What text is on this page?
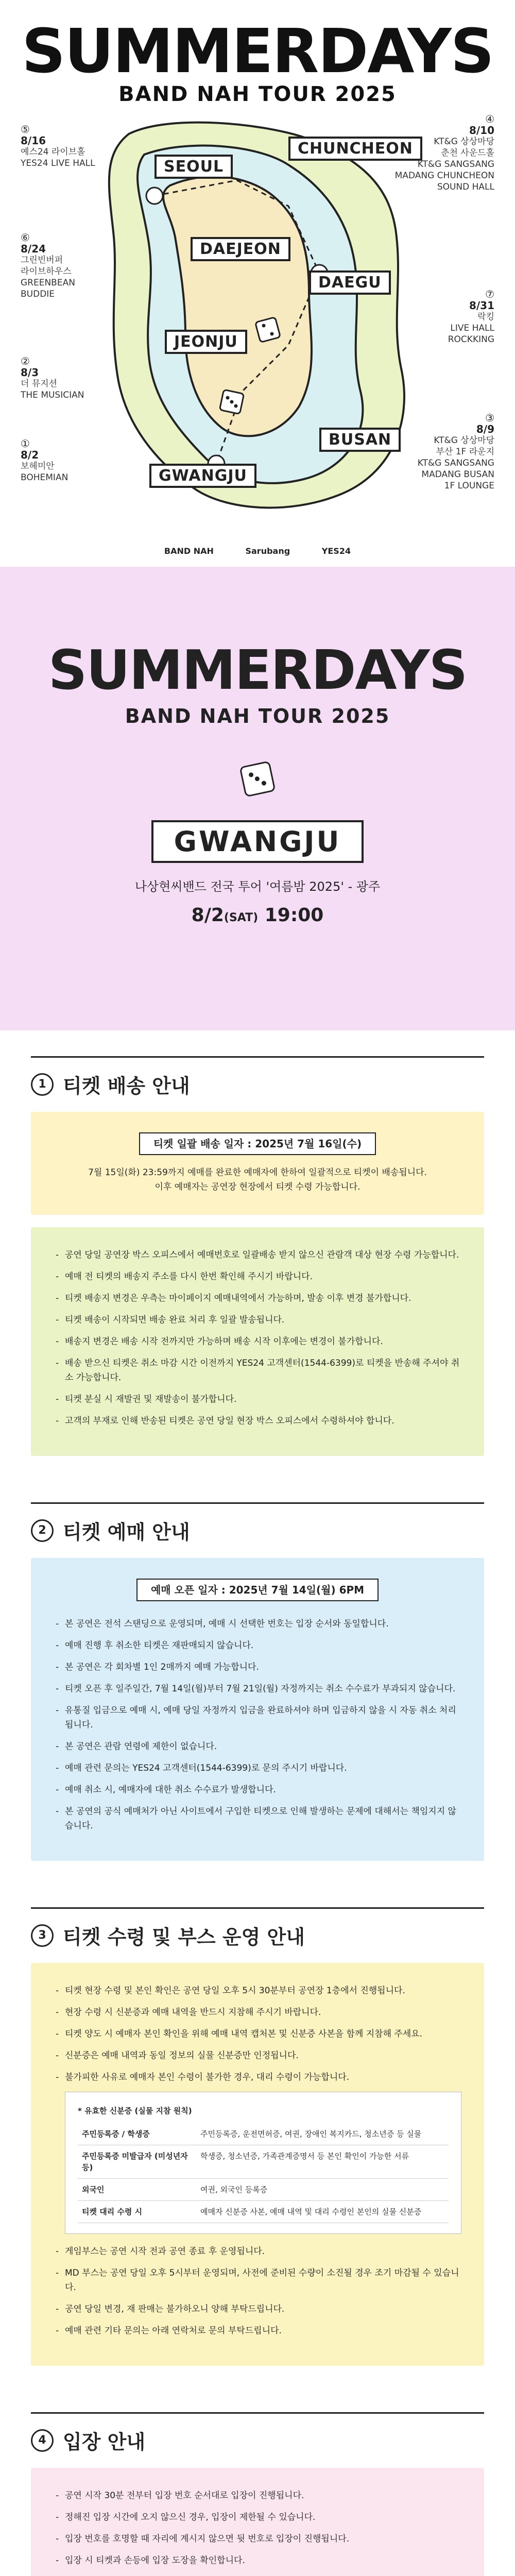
SUMMERDAYS
BAND NAH TOUR 2025
SEOUL
CHUNCHEON
DAEJEON
DAEGU
JEONJU
BUSAN
GWANGJU
⑤
8/16
예스24 라이브홀
YES24 LIVE HALL
⑥
8/24
그린빈버퍼
라이브하우스
GREENBEAN
BUDDIE
②
8/3
더 뮤지션
THE MUSICIAN
①
8/2
보헤미안
BOHEMIAN
④
8/10
KT&G 상상마당
춘천 사운드홀
KT&G SANGSANG
MADANG CHUNCHEON
SOUND HALL
⑦
8/31
락킹
LIVE HALL
ROCKKING
③
8/9
KT&G 상상마당
부산 1F 라운지
KT&G SANGSANG
MADANG BUSAN
1F LOUNGE
BAND NAH	Sarubang	YES24
SUMMERDAYS
BAND NAH TOUR 2025
GWANGJU
나상현씨밴드 전국 투어 '여름밤 2025' - 광주
8/2(SAT) 19:00
1 티켓 배송 안내
티켓 일괄 배송 일자 : 2025년 7월 16일(수)
7월 15일(화) 23:59까지 예매를 완료한 예매자에 한하여 일괄적으로 티켓이 배송됩니다.
이후 예매자는 공연장 현장에서 티켓 수령 가능합니다.
- 공연 당일 공연장 박스 오피스에서 예매번호로 일괄배송 받지 않으신 관람객 대상 현장 수령 가능합니다.
- 예매 전 티켓의 배송지 주소를 다시 한번 확인해 주시기 바랍니다.
- 티켓 배송지 변경은 우측는 마이페이지 예매내역에서 가능하며, 발송 이후 변경 불가합니다.
- 티켓 배송이 시작되면 배송 완료 처리 후 일괄 발송됩니다.
- 배송지 변경은 배송 시작 전까지만 가능하며 배송 시작 이후에는 변경이 불가합니다.
- 배송 받으신 티켓은 취소 마감 시간 이전까지 YES24 고객센터(1544-6399)로 티켓을 반송해 주셔야 취소 가능합니다.
- 티켓 분실 시 재발권 및 재발송이 불가합니다.
- 고객의 부재로 인해 반송된 티켓은 공연 당일 현장 박스 오피스에서 수령하셔야 합니다.
2 티켓 예매 안내
예매 오픈 일자 : 2025년 7월 14일(월) 6PM
- 본 공연은 전석 스탠딩으로 운영되며, 예매 시 선택한 번호는 입장 순서와 동일합니다.
- 예매 진행 후 취소한 티켓은 재판매되지 않습니다.
- 본 공연은 각 회차별 1인 2매까지 예매 가능합니다.
- 티켓 오픈 후 일주일간, 7월 14일(월)부터 7월 21일(월) 자정까지는 취소 수수료가 부과되지 않습니다.
- 유통질 입금으로 예매 시, 예매 당일 자정까지 입금을 완료하셔야 하며 입금하지 않을 시 자동 취소 처리됩니다.
- 본 공연은 관람 연령에 제한이 없습니다.
- 예매 관련 문의는 YES24 고객센터(1544-6399)로 문의 주시기 바랍니다.
- 예매 취소 시, 예매자에 대한 취소 수수료가 발생합니다.
- 본 공연의 공식 예매처가 아닌 사이트에서 구입한 티켓으로 인해 발생하는 문제에 대해서는 책임지지 않습니다.
3 티켓 수령 및 부스 운영 안내
- 티켓 현장 수령 및 본인 확인은 공연 당일 오후 5시 30분부터 공연장 1층에서 진행됩니다.
- 현장 수령 시 신분증과 예매 내역을 반드시 지참해 주시기 바랍니다.
- 티켓 양도 시 예매자 본인 확인을 위해 예매 내역 캡처본 및 신분증 사본을 함께 지참해 주세요.
- 신분증은 예매 내역과 동일 정보의 실물 신분증만 인정됩니다.
- 불가피한 사유로 예매자 본인 수령이 불가한 경우, 대리 수령이 가능합니다.
* 유효한 신분증 (실물 지참 원칙)
주민등록증 / 학생증	주민등록증, 운전면허증, 여권, 장애인 복지카드, 청소년증 등 실물
주민등록증 미발급자 (미성년자 등)	학생증, 청소년증, 가족관계증명서 등 본인 확인이 가능한 서류
외국인	여권, 외국인 등록증
티켓 대리 수령 시	예매자 신분증 사본, 예매 내역 및 대리 수령인 본인의 실물 신분증
- 게임부스는 공연 시작 전과 공연 종료 후 운영됩니다.
- MD 부스는 공연 당일 오후 5시부터 운영되며, 사전에 준비된 수량이 소진될 경우 조기 마감될 수 있습니다.
- 공연 당일 변경, 재 판매는 불가하오니 양해 부탁드립니다.
- 예매 관련 기타 문의는 아래 연락처로 문의 부탁드립니다.
4 입장 안내
- 공연 시작 30분 전부터 입장 번호 순서대로 입장이 진행됩니다.
- 정해진 입장 시간에 오지 않으신 경우, 입장이 제한될 수 있습니다.
- 입장 번호를 호명할 때 자리에 계시지 않으면 뒷 번호로 입장이 진행됩니다.
- 입장 시 티켓과 손등에 입장 도장을 확인합니다.
-
